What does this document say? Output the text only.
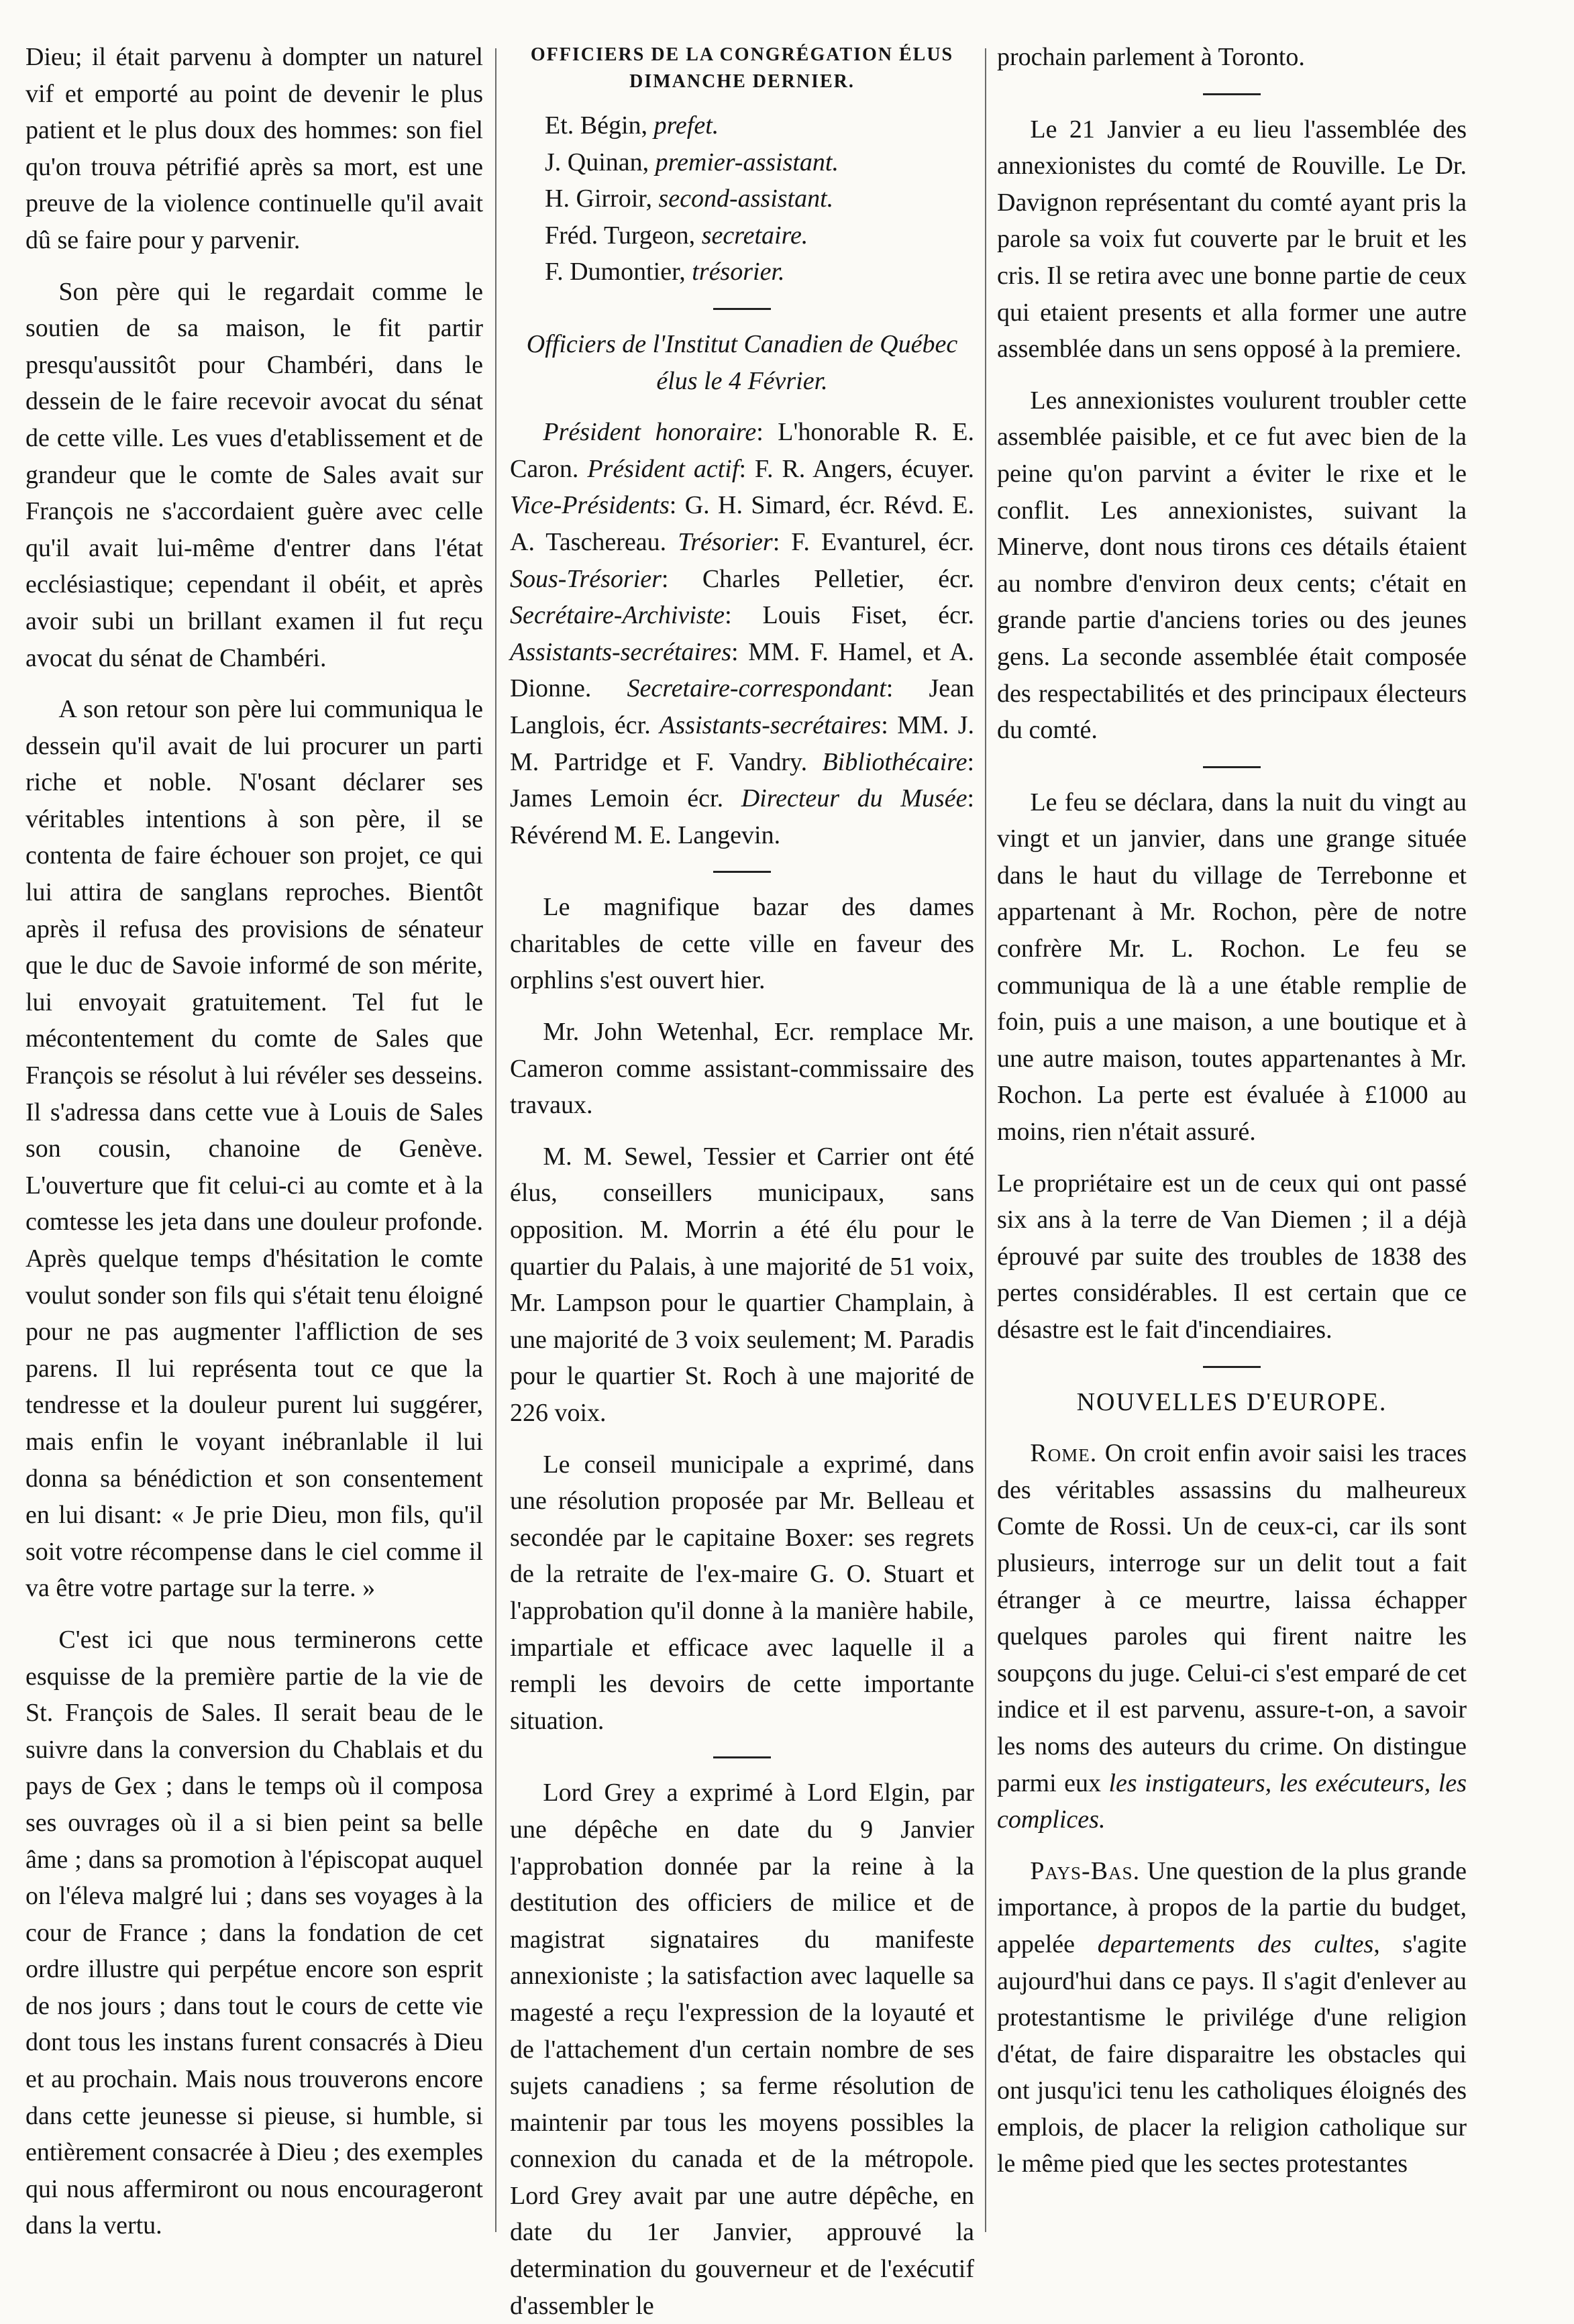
Dieu; il était parvenu à dompter un naturel vif et emporté au point de devenir le plus patient et le plus doux des hommes: son fiel qu'on trouva pétrifié après sa mort, est une preuve de la violence continuelle qu'il avait dû se faire pour y parvenir.

Son père qui le regardait comme le soutien de sa maison, le fit partir presqu'aussitôt pour Chambéri, dans le dessein de le faire recevoir avocat du sénat de cette ville. Les vues d'etablissement et de grandeur que le comte de Sales avait sur François ne s'accordaient guère avec celle qu'il avait lui-même d'entrer dans l'état ecclésiastique; cependant il obéit, et après avoir subi un brillant examen il fut reçu avocat du sénat de Chambéri.

A son retour son père lui communiqua le dessein qu'il avait de lui procurer un parti riche et noble. N'osant déclarer ses véritables intentions à son père, il se contenta de faire échouer son projet, ce qui lui attira de sanglans reproches. Bientôt après il refusa des provisions de sénateur que le duc de Savoie informé de son mérite, lui envoyait gratuitement. Tel fut le mécontentement du comte de Sales que François se résolut à lui révéler ses desseins. Il s'adressa dans cette vue à Louis de Sales son cousin, chanoine de Genève. L'ouverture que fit celui-ci au comte et à la comtesse les jeta dans une douleur profonde. Après quelque temps d'hésitation le comte voulut sonder son fils qui s'était tenu éloigné pour ne pas augmenter l'affliction de ses parens. Il lui représenta tout ce que la tendresse et la douleur purent lui suggérer, mais enfin le voyant inébranlable il lui donna sa bénédiction et son consentement en lui disant: « Je prie Dieu, mon fils, qu'il soit votre récompense dans le ciel comme il va être votre partage sur la terre. »

C'est ici que nous terminerons cette esquisse de la première partie de la vie de St. François de Sales. Il serait beau de le suivre dans la conversion du Chablais et du pays de Gex ; dans le temps où il composa ses ouvrages où il a si bien peint sa belle âme ; dans sa promotion à l'épiscopat auquel on l'éleva malgré lui ; dans ses voyages à la cour de France ; dans la fondation de cet ordre illustre qui perpétue encore son esprit de nos jours ; dans tout le cours de cette vie dont tous les instans furent consacrés à Dieu et au prochain. Mais nous trouverons encore dans cette jeunesse si pieuse, si humble, si entièrement consacrée à Dieu ; des exemples qui nous affermiront ou nous encourageront dans la vertu.

OFFICIERS DE LA CONGRÉGATION ÉLUS DIMANCHE DERNIER.

Et. Bégin, prefet.
J. Quinan, premier-assistant.
H. Girroir, second-assistant.
Fréd. Turgeon, secretaire.
F. Dumontier, trésorier.

Officiers de l'Institut Canadien de Québec élus le 4 Février.

Président honoraire: L'honorable R. E. Caron. Président actif: F. R. Angers, écuyer. Vice-Présidents: G. H. Simard, écr. Révd. E. A. Taschereau. Trésorier: F. Evanturel, écr. Sous-Trésorier: Charles Pelletier, écr. Secrétaire-Archiviste: Louis Fiset, écr. Assistants-secrétaires: MM. F. Hamel, et A. Dionne. Secretaire-correspondant: Jean Langlois, écr. Assistants-secrétaires: MM. J. M. Partridge et F. Vandry. Bibliothécaire: James Lemoin écr. Directeur du Musée: Révérend M. E. Langevin.

Le magnifique bazar des dames charitables de cette ville en faveur des orphlins s'est ouvert hier.

Mr. John Wetenhal, Ecr. remplace Mr. Cameron comme assistant-commissaire des travaux.

M. M. Sewel, Tessier et Carrier ont été élus, conseillers municipaux, sans opposition. M. Morrin a été élu pour le quartier du Palais, à une majorité de 51 voix, Mr. Lampson pour le quartier Champlain, à une majorité de 3 voix seulement; M. Paradis pour le quartier St. Roch à une majorité de 226 voix.

Le conseil municipale a exprimé, dans une résolution proposée par Mr. Belleau et secondée par le capitaine Boxer: ses regrets de la retraite de l'ex-maire G. O. Stuart et l'approbation qu'il donne à la manière habile, impartiale et efficace avec laquelle il a rempli les devoirs de cette importante situation.

Lord Grey a exprimé à Lord Elgin, par une dépêche en date du 9 Janvier l'approbation donnée par la reine à la destitution des officiers de milice et de magistrat signataires du manifeste annexioniste ; la satisfaction avec laquelle sa magesté a reçu l'expression de la loyauté et de l'attachement d'un certain nombre de ses sujets canadiens ; sa ferme résolution de maintenir par tous les moyens possibles la connexion du canada et de la métropole. Lord Grey avait par une autre dépêche, en date du 1er Janvier, approuvé la determination du gouverneur et de l'exécutif d'assembler le

prochain parlement à Toronto.

Le 21 Janvier a eu lieu l'assemblée des annexionistes du comté de Rouville. Le Dr. Davignon représentant du comté ayant pris la parole sa voix fut couverte par le bruit et les cris. Il se retira avec une bonne partie de ceux qui etaient presents et alla former une autre assemblée dans un sens opposé à la premiere.

Les annexionistes voulurent troubler cette assemblée paisible, et ce fut avec bien de la peine qu'on parvint a éviter le rixe et le conflit. Les annexionistes, suivant la Minerve, dont nous tirons ces détails étaient au nombre d'environ deux cents; c'était en grande partie d'anciens tories ou des jeunes gens. La seconde assemblée était composée des respectabilités et des principaux électeurs du comté.

Le feu se déclara, dans la nuit du vingt au vingt et un janvier, dans une grange située dans le haut du village de Terrebonne et appartenant à Mr. Rochon, père de notre confrère Mr. L. Rochon. Le feu se communiqua de là a une étable remplie de foin, puis a une maison, a une boutique et à une autre maison, toutes appartenantes à Mr. Rochon. La perte est évaluée à £1000 au moins, rien n'était assuré.

Le propriétaire est un de ceux qui ont passé six ans à la terre de Van Diemen ; il a déjà éprouvé par suite des troubles de 1838 des pertes considérables. Il est certain que ce désastre est le fait d'incendiaires.

NOUVELLES D'EUROPE.

Rome. On croit enfin avoir saisi les traces des véritables assassins du malheureux Comte de Rossi. Un de ceux-ci, car ils sont plusieurs, interroge sur un delit tout a fait étranger à ce meurtre, laissa échapper quelques paroles qui firent naitre les soupçons du juge. Celui-ci s'est emparé de cet indice et il est parvenu, assure-t-on, a savoir les noms des auteurs du crime. On distingue parmi eux les instigateurs, les exécuteurs, les complices.

Pays-Bas. Une question de la plus grande importance, à propos de la partie du budget, appelée departements des cultes, s'agite aujourd'hui dans ce pays. Il s'agit d'enlever au protestantisme le privilége d'une religion d'état, de faire disparaitre les obstacles qui ont jusqu'ici tenu les catholiques éloignés des emplois, de placer la religion catholique sur le même pied que les sectes protestantes
